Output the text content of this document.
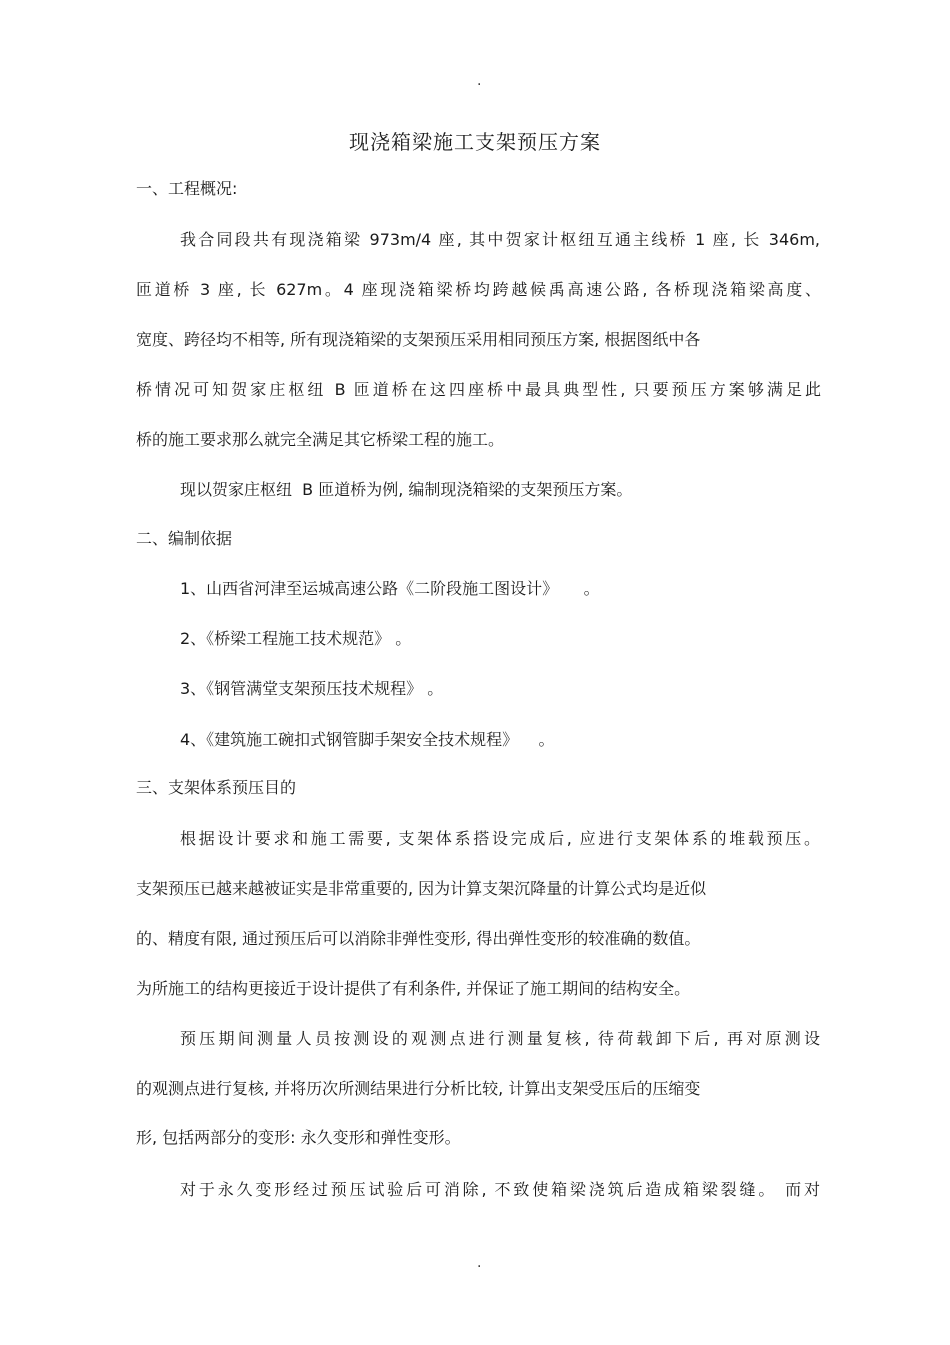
.
现浇箱梁施工支架预压方案
一、工程概况:
我合同段共有现浇箱梁 973m/4 座, 其中贺家计枢纽互通主线桥 1 座, 长 346m,
匝道桥 3 座, 长 627m。4 座现浇箱梁桥均跨越候禹高速公路, 各桥现浇箱梁高度、
宽度、跨径均不相等, 所有现浇箱梁的支架预压采用相同预压方案, 根据图纸中各
桥情况可知贺家庄枢纽 B 匝道桥在这四座桥中最具典型性, 只要预压方案够满足此
桥的施工要求那么就完全满足其它桥梁工程的施工。
现以贺家庄枢纽  B 匝道桥为例, 编制现浇箱梁的支架预压方案。
二、编制依据
1、山西省河津至运城高速公路《二阶段施工图设计》     。
2、《桥梁工程施工技术规范》 。
3、《钢管满堂支架预压技术规程》 。
4、《建筑施工碗扣式钢管脚手架安全技术规程》    。
三、支架体系预压目的
根据设计要求和施工需要, 支架体系搭设完成后, 应进行支架体系的堆载预压。
支架预压已越来越被证实是非常重要的, 因为计算支架沉降量的计算公式均是近似
的、精度有限, 通过预压后可以消除非弹性变形, 得出弹性变形的较准确的数值。
为所施工的结构更接近于设计提供了有利条件, 并保证了施工期间的结构安全。
预压期间测量人员按测设的观测点进行测量复核, 待荷载卸下后, 再对原测设
的观测点进行复核, 并将历次所测结果进行分析比较, 计算出支架受压后的压缩变
形, 包括两部分的变形: 永久变形和弹性变形。
对于永久变形经过预压试验后可消除, 不致使箱梁浇筑后造成箱梁裂缝。 而对
.
